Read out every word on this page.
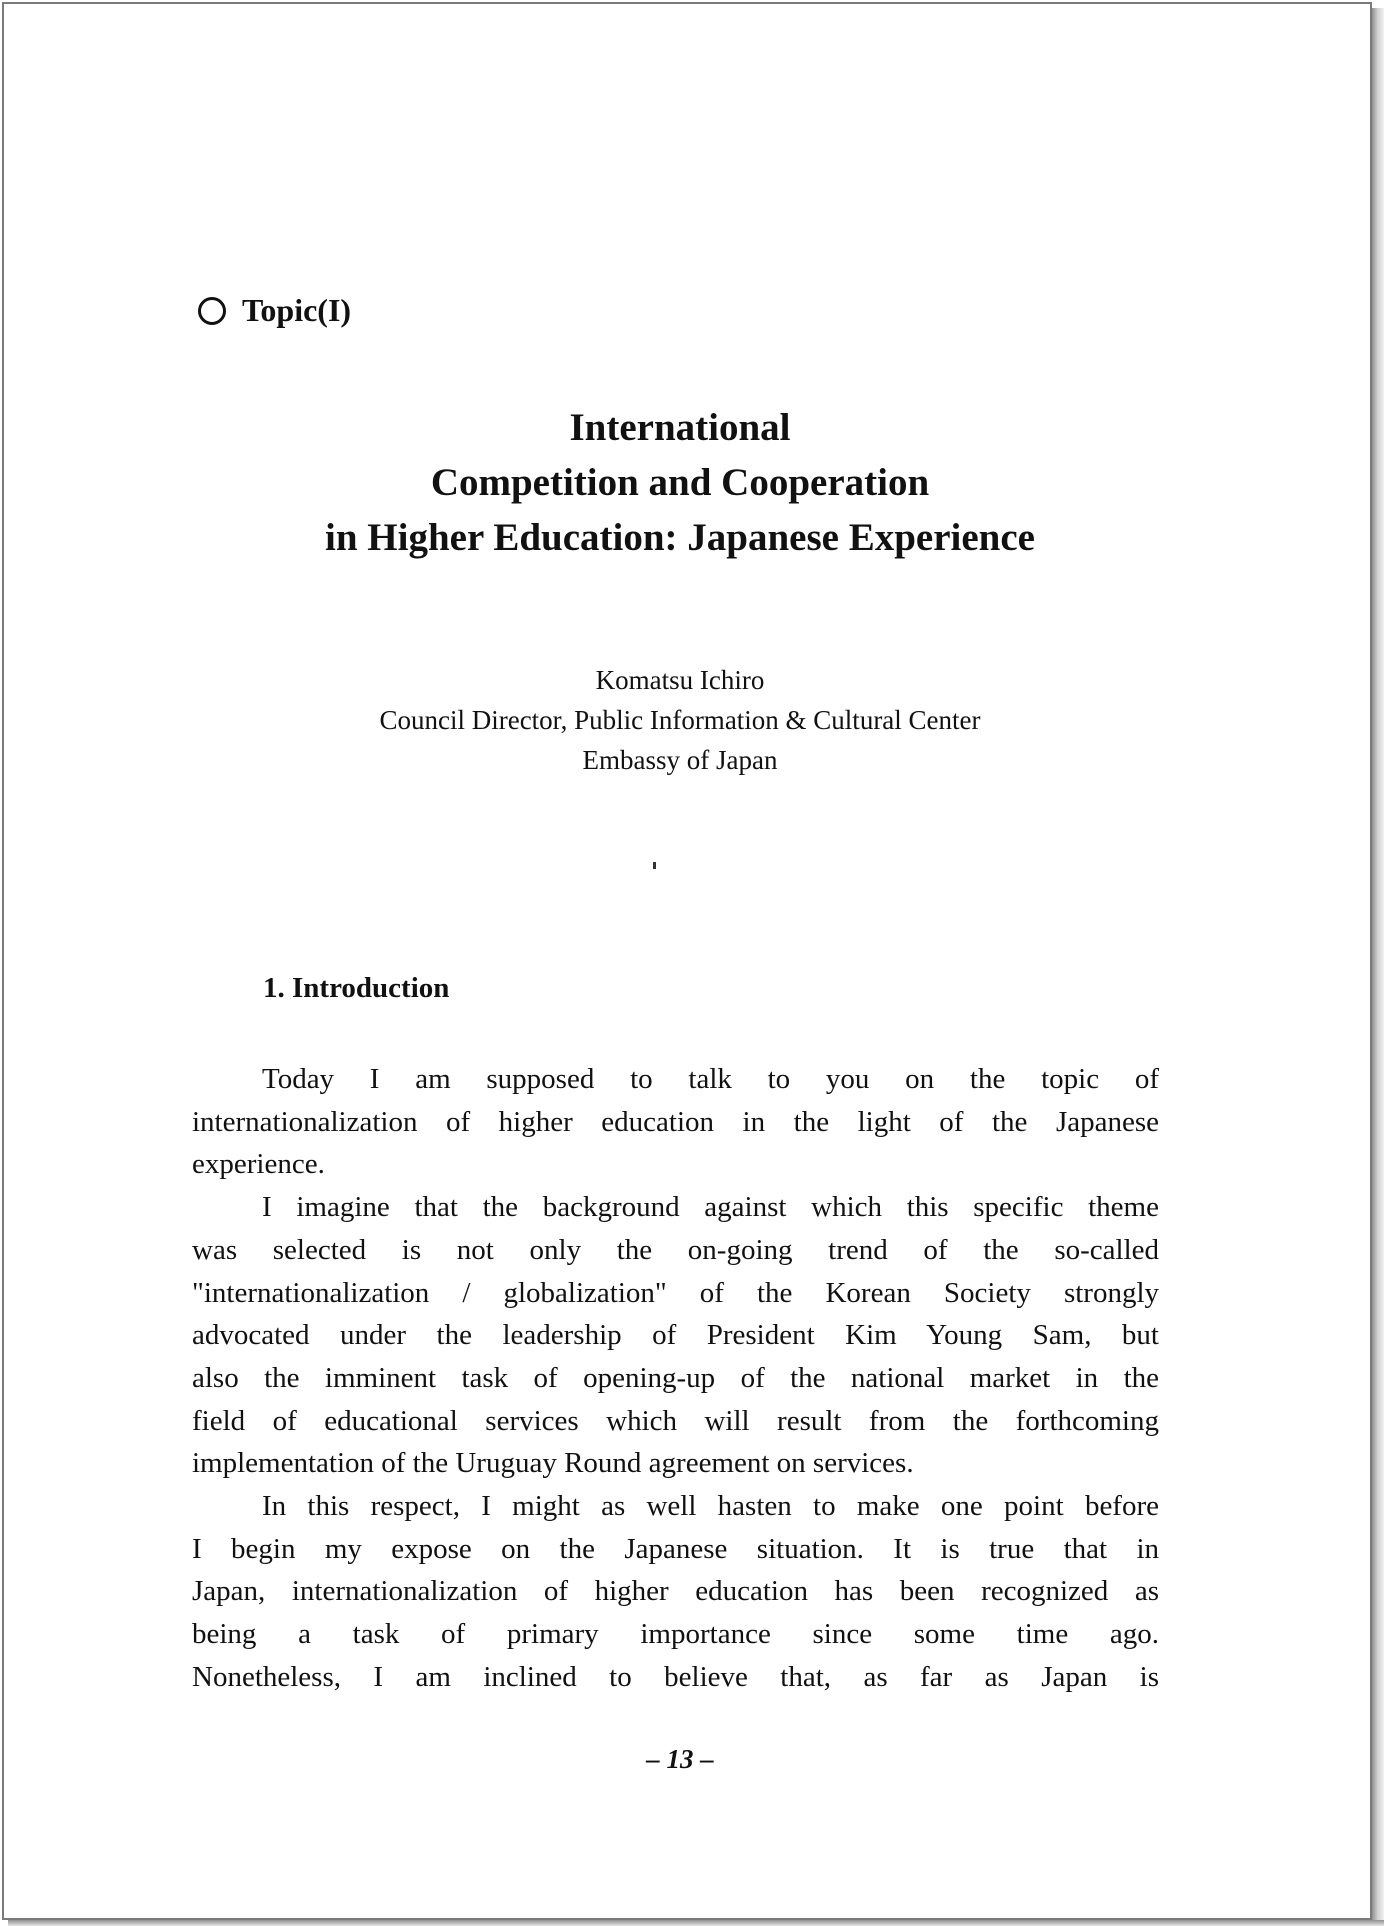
Topic(I)
International
Competition and Cooperation
in Higher Education: Japanese Experience
Komatsu Ichiro
Council Director, Public Information & Cultural Center
Embassy of Japan
1. Introduction

Today I am supposed to talk to you on the topic of
internationalization of higher education in the light of the Japanese
experience.

I imagine that the background against which this specific theme
was selected is not only the on-going trend of the so-called
"internationalization / globalization" of the Korean Society strongly
advocated under the leadership of President Kim Young Sam, but
also the imminent task of opening-up of the national market in the
field of educational services which will result from the forthcoming
implementation of the Uruguay Round agreement on services.

In this respect, I might as well hasten to make one point before
I begin my expose on the Japanese situation. It is true that in
Japan, internationalization of higher education has been recognized as
being a task of primary importance since some time ago.
Nonetheless, I am inclined to believe that, as far as Japan is

– 13 –
